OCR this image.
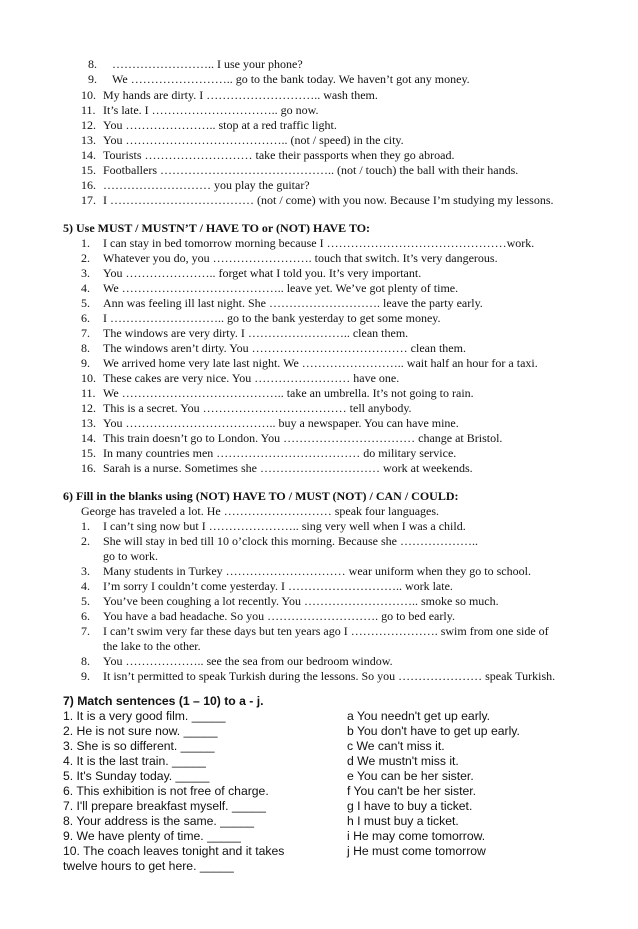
8. …………………….. I use your phone?
9. We …………………….. go to the bank today. We haven’t got any money.
10. My hands are dirty. I ……………………….. wash them.
11. It’s late. I ………………………….. go now.
12. You ………………….. stop at a red traffic light.
13. You ………………………………….. (not / speed) in the city.
14. Tourists ……………………… take their passports when they go abroad.
15. Footballers …………………………………….. (not / touch) the ball with their hands.
16. ……………………… you play the guitar?
17. I ……………………………… (not / come) with you now. Because I’m studying my lessons.
5) Use MUST / MUSTN’T / HAVE TO or (NOT) HAVE TO:
1. I can stay in bed tomorrow morning because I ………………………………………work.
2. Whatever you do, you ……………………. touch that switch. It’s very dangerous.
3. You ………………….. forget what I told you. It’s very important.
4. We ………………………………….. leave yet. We’ve got plenty of time.
5. Ann was feeling ill last night. She ………………………. leave the party early.
6. I ……………………….. go to the bank yesterday to get some money.
7. The windows are very dirty. I …………………….. clean them.
8. The windows aren’t dirty. You ………………………………… clean them.
9. We arrived home very late last night. We …………………….. wait half an hour for a taxi.
10. These cakes are very nice. You …………………… have one.
11. We ………………………………….. take an umbrella. It’s not going to rain.
12. This is a secret. You ……………………………… tell anybody.
13. You ……………………………….. buy a newspaper. You can have mine.
14. This train doesn’t go to London. You …………………………… change at Bristol.
15. In many countries men ……………………………… do military service.
16. Sarah is a nurse. Sometimes she ………………………… work at weekends.
6) Fill in the blanks using (NOT) HAVE TO / MUST (NOT) / CAN / COULD:
George has traveled a lot. He ……………………… speak four languages.
1. I can’t sing now but I ………………….. sing very well when I was a child.
2. She will stay in bed till 10 o’clock this morning. Because she ………………..
go to work.
3. Many students in Turkey ………………………… wear uniform when they go to school.
4. I’m sorry I couldn’t come yesterday. I ……………………….. work late.
5. You’ve been coughing a lot recently. You ……………………….. smoke so much.
6. You have a bad headache. So you ………………………. go to bed early.
7. I can’t swim very far these days but ten years ago I …………………. swim from one side of
the lake to the other.
8. You ……………….. see the sea from our bedroom window.
9. It isn’t permitted to speak Turkish during the lessons. So you ………………… speak Turkish.
7) Match sentences (1 – 10) to a - j.
1. It is a very good film. _____
2. He is not sure now. _____
3. She is so different. _____
4. It is the last train. _____
5. It's Sunday today. _____
6. This exhibition is not free of charge.
7. I'll prepare breakfast myself. _____
8. Your address is the same. _____
9. We have plenty of time. _____
10. The coach leaves tonight and it takes
twelve hours to get here. _____
a You needn't get up early.
b You don't have to get up early.
c We can't miss it.
d We mustn't miss it.
e You can be her sister.
f You can't be her sister.
g I have to buy a ticket.
h I must buy a ticket.
i He may come tomorrow.
j He must come tomorrow
